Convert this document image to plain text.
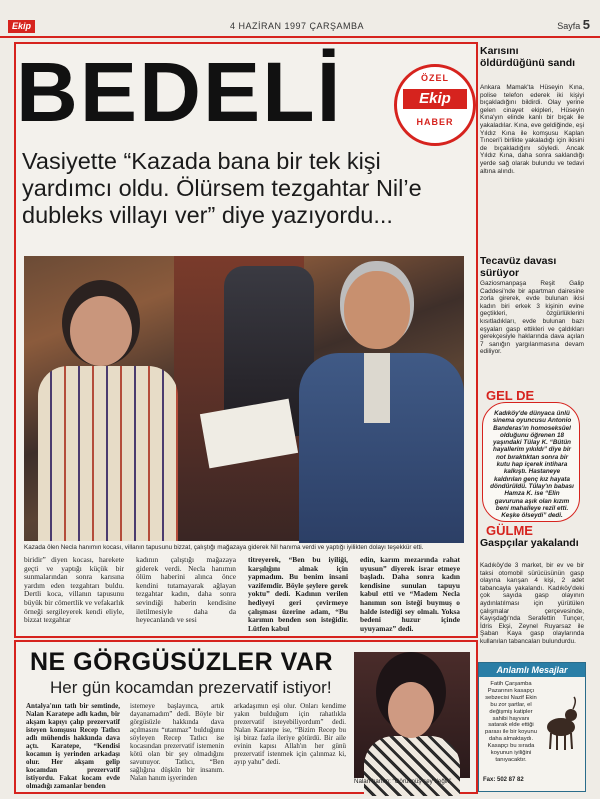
Ekip	4 HAZİRAN 1997 ÇARŞAMBA	Sayfa 5
BEDELİ	ÖZEL
Ekip
HABER
Vasiyette “Kazada bana bir tek kişi yardımcı oldu. Ölürsem tezgahtar Nil’e dubleks villayı ver” diye yazıyordu...
Kazada ölen Necla hanımın kocası, villanın tapusunu bizzat, çalıştığı mağazaya giderek Nil hanıma verdi ve yaptığı iyilikten dolayı teşekkür etti.
biridir” diyen kocası, harekete geçti ve yaptığı küçük bir sunmalarından sonra karısına yardım eden tezgahtarı buldu. Dertli koca, villanın tapusunu büyük bir cömertlik ve vefakarlık örneği sergileyerek kendi eliyle, bizzat tezgahtar
kadının çalıştığı mağazaya giderek verdi. Necla hanımın ölüm haberini alınca önce kendini tutamayarak ağlayan tezgahtar kadın, daha sonra sevindiği haberin kendisine iletilmesiyle daha da heyecanlandı ve sesi
titreyerek, “Ben bu iyiliği, karşılığını almak için yapmadım. Bu benim insani vazifemdir. Böyle şeylere gerek yoktu” dedi. Kadının verilen hediyeyi geri çevirmeye çalışması üzerine adam, “Bu karımın benden son isteğidir. Lütfen kabul
edin, karım mezarında rahat uyusun” diyerek israr etmeye başladı. Daha sonra kadın kendisine sunulan tapuyu kabul etti ve “Madem Necla hanımın son isteği buymuş o halde istediği sey olmalı. Yoksa bedeni huzur içinde uyuyamaz” dedi.
Karısını öldürdüğünü sandı

Ankara Mamak'ta Hüseyin Kına, polise telefon ederek iki kişiyi bıçakladığını bildirdi. Olay yerine gelen cinayet ekipleri, Hüseyin Kına'yın elinde kanlı bir bıçak ile yakaladılar. Kına, eve geldiğinde, eşi Yıldız Kına ile komşusu Kaplan Tınceri'i birlikte yakaladığı için ikisini de bıçakladığını söyledi. Ancak Yıldız Kına, daha sonra saklandığı yerde sağ olarak bulundu ve tedavi altına alındı.

Tecavüz davası sürüyor

Gaziosmanpaşa Reşit Galip Caddesi'nde bir apartman dairesine zorla girerek, evde bulunan ikisi kadın biri erkek 3 kişinin evine geçtikleri, özgürlüklerini kısıtladıkları, evde bulunan bazı eşyaları gasp ettikleri ve çaldıkları gerekçesiyle haklarında dava açılan 7 sanığın yargılanmasına devam ediliyor.

GEL DE
Kadıköy'de dünyaca ünlü sinema oyuncusu Antonio Banderas'ın homoseksüel olduğunu öğrenen 18 yaşındaki Tülay K. “Bütün hayallerim yıkıldı” diye bir not bıraktıktan sonra bir kutu hap içerek intihara kalkıştı. Hastaneye kaldırılan genç kız hayata döndürüldü. Tülay'ın babası Hamza K. ise “Elin gavuruna aşık olan kızım beni mahalleye rezil etti. Keşke ölseydi” dedi.
GÜLME
Gaspçılar yakalandı

Kadıköy'de 3 market, bir ev ve bir taksi otomobil sürücüsünün gasp olayına karışan 4 kişi, 2 adet tabancayla yakalandı. Kadıköy'deki çok sayıda gasp olayının aydınlatılması için yürütülen çalışmalar çerçevesinde, Kayışdağı'nda Serafettin Tunçer, İdris Ekşi, Zeynel Ruyarsaz ile Şaban Kaya gasp olaylarında kullanılan tabancaları bulundurdu.

NE GÖRGÜSÜZLER VAR
Her gün kocamdan prezervatif istiyor!
Antalya'nın tatlı bir semtinde, Nalan Karatepe adlı kadın, bir akşam kapıyı çalıp prezervatif isteyen komşusu Recep Tatlıcı adlı mühendis hakkında dava açtı. Karatepe, “Kendisi kocamın iş yerinden arkadaşı olur. Her akşam gelip kocamdan prezervatif istiyordu. Fakat kocam evde olmadığı zamanlar benden
istemeye başlayınca, artık dayanamadım” dedi. Böyle bir görgüsüzle hakkında dava açılmasını “utanmaz” bulduğunu söyleyen Recep Tatlıcı ise kocasından prezervatif istemenin kötü olan bir şey olmadığını savunuyor. Tatlıcı, “Ben sağlığına düşkün bir insanım. Nalan hanım işyerinden
arkadaşımın eşi olur. Onları kendime yakın bulduğum için rahatlıkla prezervatif isteyebiliyordum” dedi. Nalan Karatepe ise, “Bizim Recep bu işi biraz fazla ileriye götürdü. Bir aile evinin kapısı Allah'ın her günü prezervatif istenmek için çalınmaz ki, ayıp yahu” dedi.
Nalan hanım: “Görülmüş şey değil.”
Anlamlı Mesajlar
Fatih Çarşamba Pazarının kasapçı sebzecisi Nazif Ekin bu zor şartlar, el değişmiş katipler sahibi hayvanı satarak elde ettiği parası ile bir koyunu daha almaktaydı. Kasapçı bu sırada koyunun iyiliğini tanıyacaktır.
Fax: 502 87 82
